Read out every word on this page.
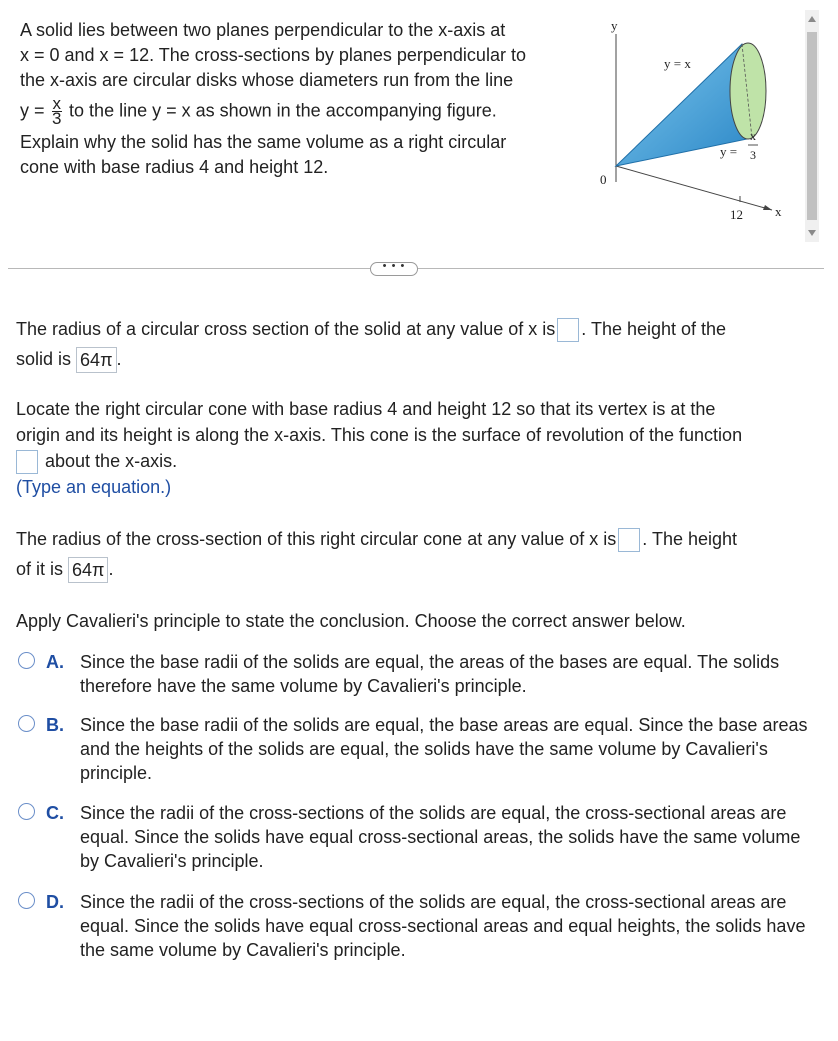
A solid lies between two planes perpendicular to the x-axis at
x = 0 and x = 12. The cross-sections by planes perpendicular to
the x-axis are circular disks whose diameters run from the line
$y = \frac{x}{3}$ to the line y = x as shown in the accompanying figure.
Explain why the solid has the same volume as a right circular
cone with base radius 4 and height 12.
y
x
0
12
y = x
y =
x
3
• • •
The radius of a circular cross section of the solid at any value of x is . The height of the
solid is 64π .
Locate the right circular cone with base radius 4 and height 12 so that its vertex is at the
origin and its height is along the x-axis. This cone is the surface of revolution of the function
about the x-axis.
(Type an equation.)
The radius of the cross-section of this right circular cone at any value of x is . The height
of it is 64π .
Apply Cavalieri's principle to state the conclusion. Choose the correct answer below.
A. Since the base radii of the solids are equal, the areas of the bases are equal. The solids therefore have the same volume by Cavalieri's principle.
B. Since the base radii of the solids are equal, the base areas are equal. Since the base areas and the heights of the solids are equal, the solids have the same volume by Cavalieri's principle.
C. Since the radii of the cross-sections of the solids are equal, the cross-sectional areas are equal. Since the solids have equal cross-sectional areas, the solids have the same volume by Cavalieri's principle.
D. Since the radii of the cross-sections of the solids are equal, the cross-sectional areas are equal. Since the solids have equal cross-sectional areas and equal heights, the solids have the same volume by Cavalieri's principle.
